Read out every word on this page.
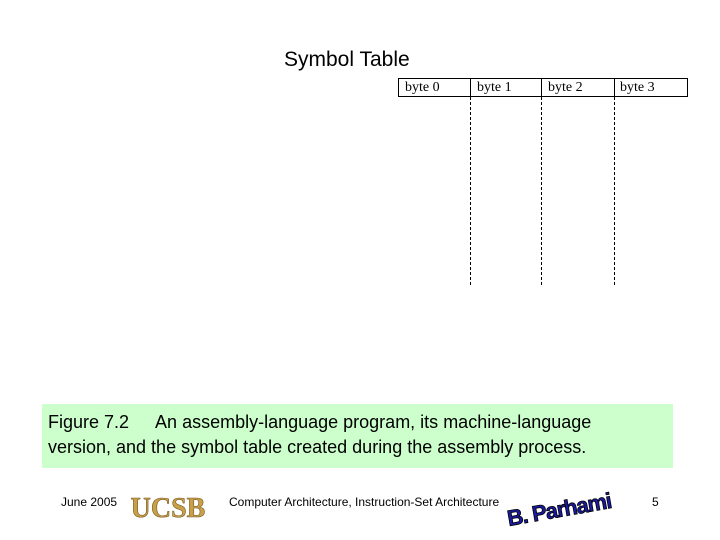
Symbol Table
byte 0	byte 1	byte 2	byte 3
Figure 7.2 An assembly-language program, its machine-language
version, and the symbol table created during the assembly process.
June 2005 UCSB Computer Architecture, Instruction-Set Architecture B. Parhami	5
